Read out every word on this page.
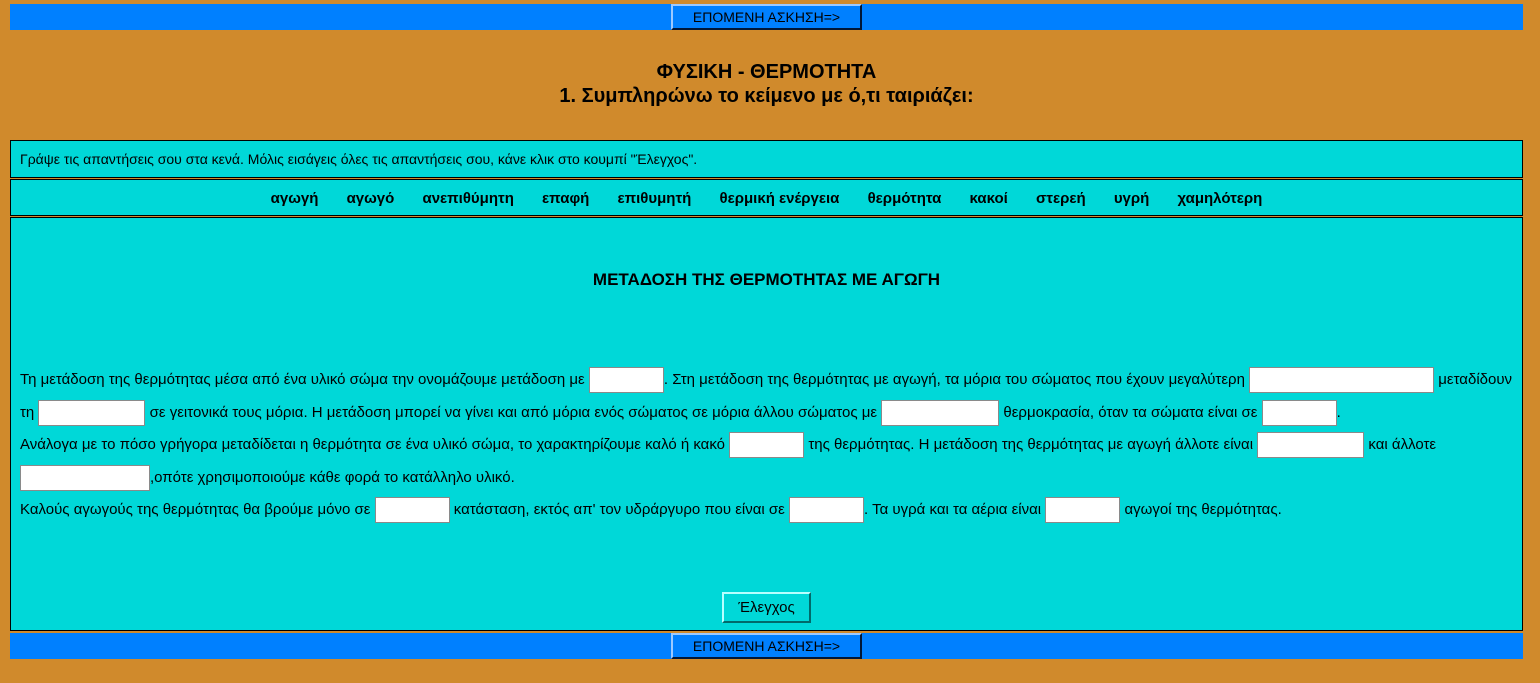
ΕΠΟΜΕΝΗ ΑΣΚΗΣΗ=>
ΦΥΣΙΚΗ - ΘΕΡΜΟΤΗΤΑ
1. Συμπληρώνω το κείμενο με ό,τι ταιριάζει:
Γράψε τις απαντήσεις σου στα κενά. Μόλις εισάγεις όλες τις απαντήσεις σου, κάνε κλικ στο κουμπί "Έλεγχος".
αγωγή αγωγό ανεπιθύμητη επαφή επιθυμητή θερμική ενέργεια θερμότητα κακοί στερεή υγρή χαμηλότερη
ΜΕΤΑΔΟΣΗ ΤΗΣ ΘΕΡΜΟΤΗΤΑΣ ΜΕ ΑΓΩΓΗ
Τη μετάδοση της θερμότητας μέσα από ένα υλικό σώμα την ονομάζουμε μετάδοση με	. Στη μετάδοση της θερμότητας με αγωγή, τα μόρια του σώματος που έχουν μεγαλύτερη	μεταδίδουν τη	σε γειτονικά τους μόρια. Η μετάδοση μπορεί να γίνει και από μόρια ενός σώματος σε μόρια άλλου σώματος με	θερμοκρασία, όταν τα σώματα είναι σε	.
Ανάλογα με το πόσο γρήγορα μεταδίδεται η θερμότητα σε ένα υλικό σώμα, το χαρακτηρίζουμε καλό ή κακό	της θερμότητας. Η μετάδοση της θερμότητας με αγωγή άλλοτε είναι	και άλλοτε ,οπότε χρησιμοποιούμε κάθε φορά το κατάλληλο υλικό.
Καλούς αγωγούς της θερμότητας θα βρούμε μόνο σε	κατάσταση, εκτός απ' τον υδράργυρο που είναι σε	. Τα υγρά και τα αέρια είναι	αγωγοί της θερμότητας.
Έλεγχος
ΕΠΟΜΕΝΗ ΑΣΚΗΣΗ=>
